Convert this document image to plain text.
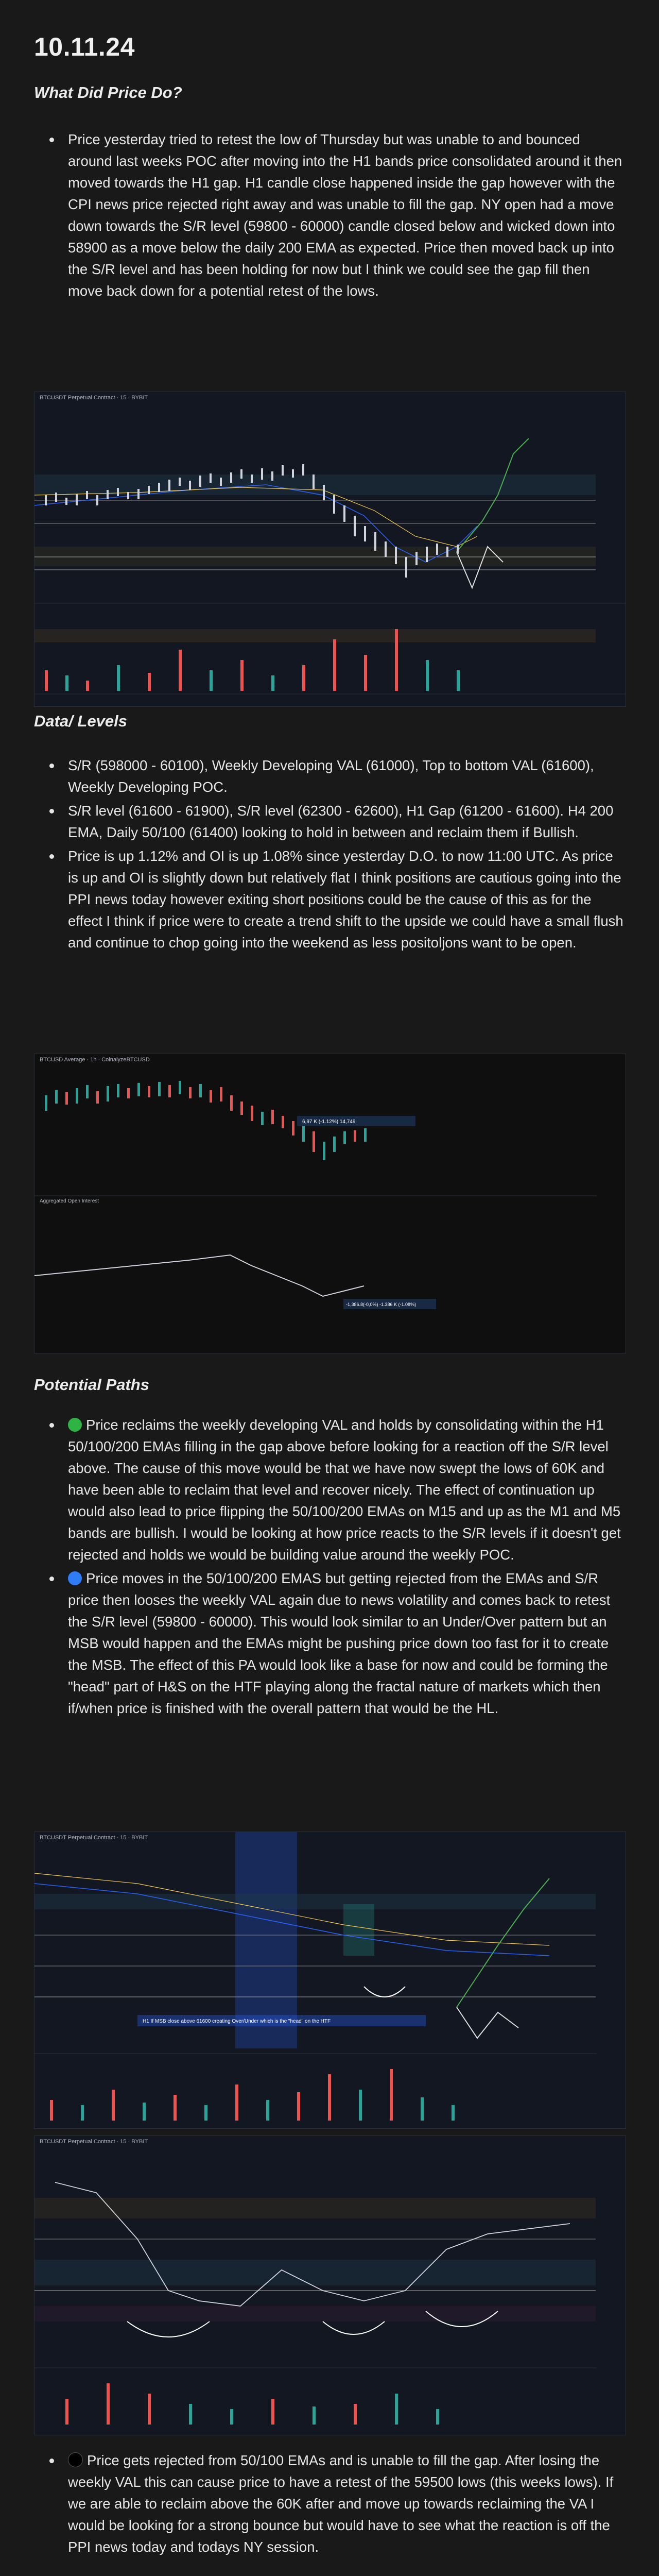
10.11.24
What Did Price Do?
Price yesterday tried to retest the low of Thursday but was unable to and bounced around last weeks POC after moving into the H1 bands price consolidated around it then moved towards the H1 gap. H1 candle close happened inside the gap however with the CPI news price rejected right away and was unable to fill the gap. NY open had a move down towards the S/R level (59800 - 60000) candle closed below and wicked down into 58900 as a move below the daily 200 EMA as expected. Price then moved back up into the S/R level and has been holding for now but I think we could see the gap fill then move back down for a potential retest of the lows.
BTCUSDT Perpetual Contract · 15 · BYBIT
Data/ Levels
S/R (598000 - 60100), Weekly Developing VAL (61000), Top to bottom VAL (61600), Weekly Developing POC.
S/R level (61600 - 61900), S/R level (62300 - 62600), H1 Gap (61200 - 61600). H4 200 EMA, Daily 50/100 (61400) looking to hold in between and reclaim them if Bullish.
Price is up 1.12% and OI is up 1.08% since yesterday D.O. to now 11:00 UTC. As price is up and OI is slightly down but relatively flat I think positions are cautious going into the PPI news today however exiting short positions could be the cause of this as for the effect I think if price were to create a trend shift to the upside we could have a small flush and continue to chop going into the weekend as less positoljons want to be open.
BTCUSD Average · 1h · CoinalyzeBTCUSD
Aggregated Open Interest
6,97 K (-1.12%) 14,749
-1,386.8(-0,0%) -1.386 K (-1.08%)
Potential Paths
Price reclaims the weekly developing VAL and holds by consolidating within the H1 50/100/200 EMAs filling in the gap above before looking for a reaction off the S/R level above. The cause of this move would be that we have now swept the lows of 60K and have been able to reclaim that level and recover nicely. The effect of continuation up would also lead to price flipping the 50/100/200 EMAs on M15 and up as the M1 and M5 bands are bullish. I would be looking at how price reacts to the S/R levels if it doesn't get rejected and holds we would be building value around the weekly POC.
Price moves in the 50/100/200 EMAS but getting rejected from the EMAs and S/R price then looses the weekly VAL again due to news volatility and comes back to retest the S/R level (59800 - 60000). This would look similar to an Under/Over pattern but an MSB would happen and the EMAs might be pushing price down too fast for it to create the MSB. The effect of this PA would look like a base for now and could be forming the "head" part of H&S on the HTF playing along the fractal nature of markets which then if/when price is finished with the overall pattern that would be the HL.
BTCUSDT Perpetual Contract · 15 · BYBIT
H1 If MSB close above 61600 creating Over/Under which is the "head" on the HTF
BTCUSDT Perpetual Contract · 15 · BYBIT
Price gets rejected from 50/100 EMAs and is unable to fill the gap. After losing the weekly VAL this can cause price to have a retest of the 59500 lows (this weeks lows). If we are able to reclaim above the 60K after and move up towards reclaiming the VA I would be looking for a strong bounce but would have to see what the reaction is off the PPI news today and todays NY session.
